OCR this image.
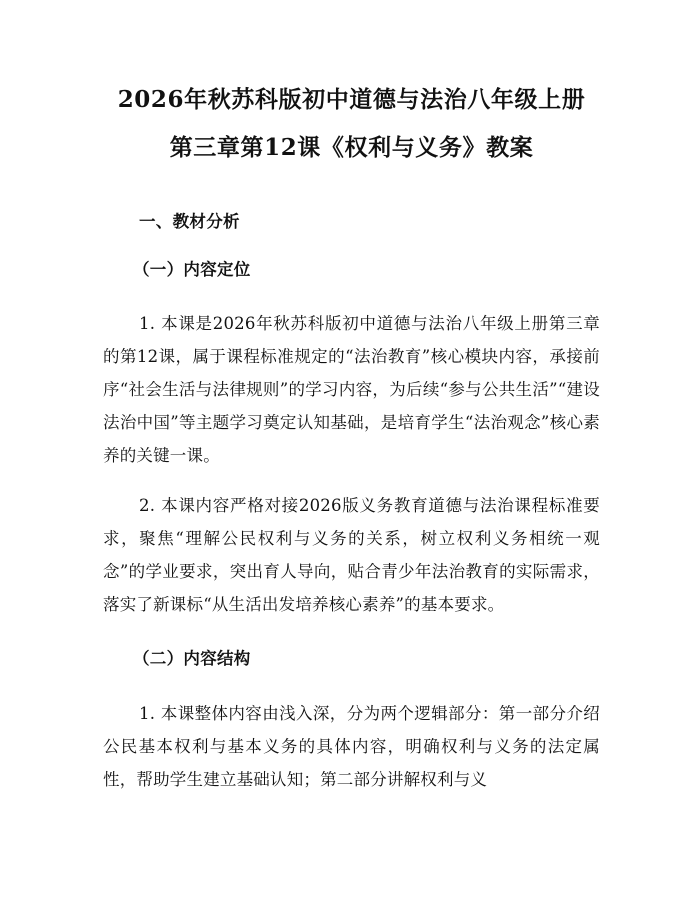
2026年秋苏科版初中道德与法治八年级上册
第三章第12课《权利与义务》教案
一、教材分析
（一）内容定位

1. 本课是2026年秋苏科版初中道德与法治八年级上册第三章的第12课，属于课程标准规定的“法治教育”核心模块内容，承接前序“社会生活与法律规则”的学习内容，为后续“参与公共生活”“建设法治中国”等主题学习奠定认知基础，是培育学生“法治观念”核心素养的关键一课。

2. 本课内容严格对接2026版义务教育道德与法治课程标准要求，聚焦“理解公民权利与义务的关系，树立权利义务相统一观念”的学业要求，突出育人导向，贴合青少年法治教育的实际需求，落实了新课标“从生活出发培养核心素养”的基本要求。

（二）内容结构

1. 本课整体内容由浅入深，分为两个逻辑部分：第一部分介绍公民基本权利与基本义务的具体内容，明确权利与义务的法定属性，帮助学生建立基础认知；第二部分讲解权利与义
